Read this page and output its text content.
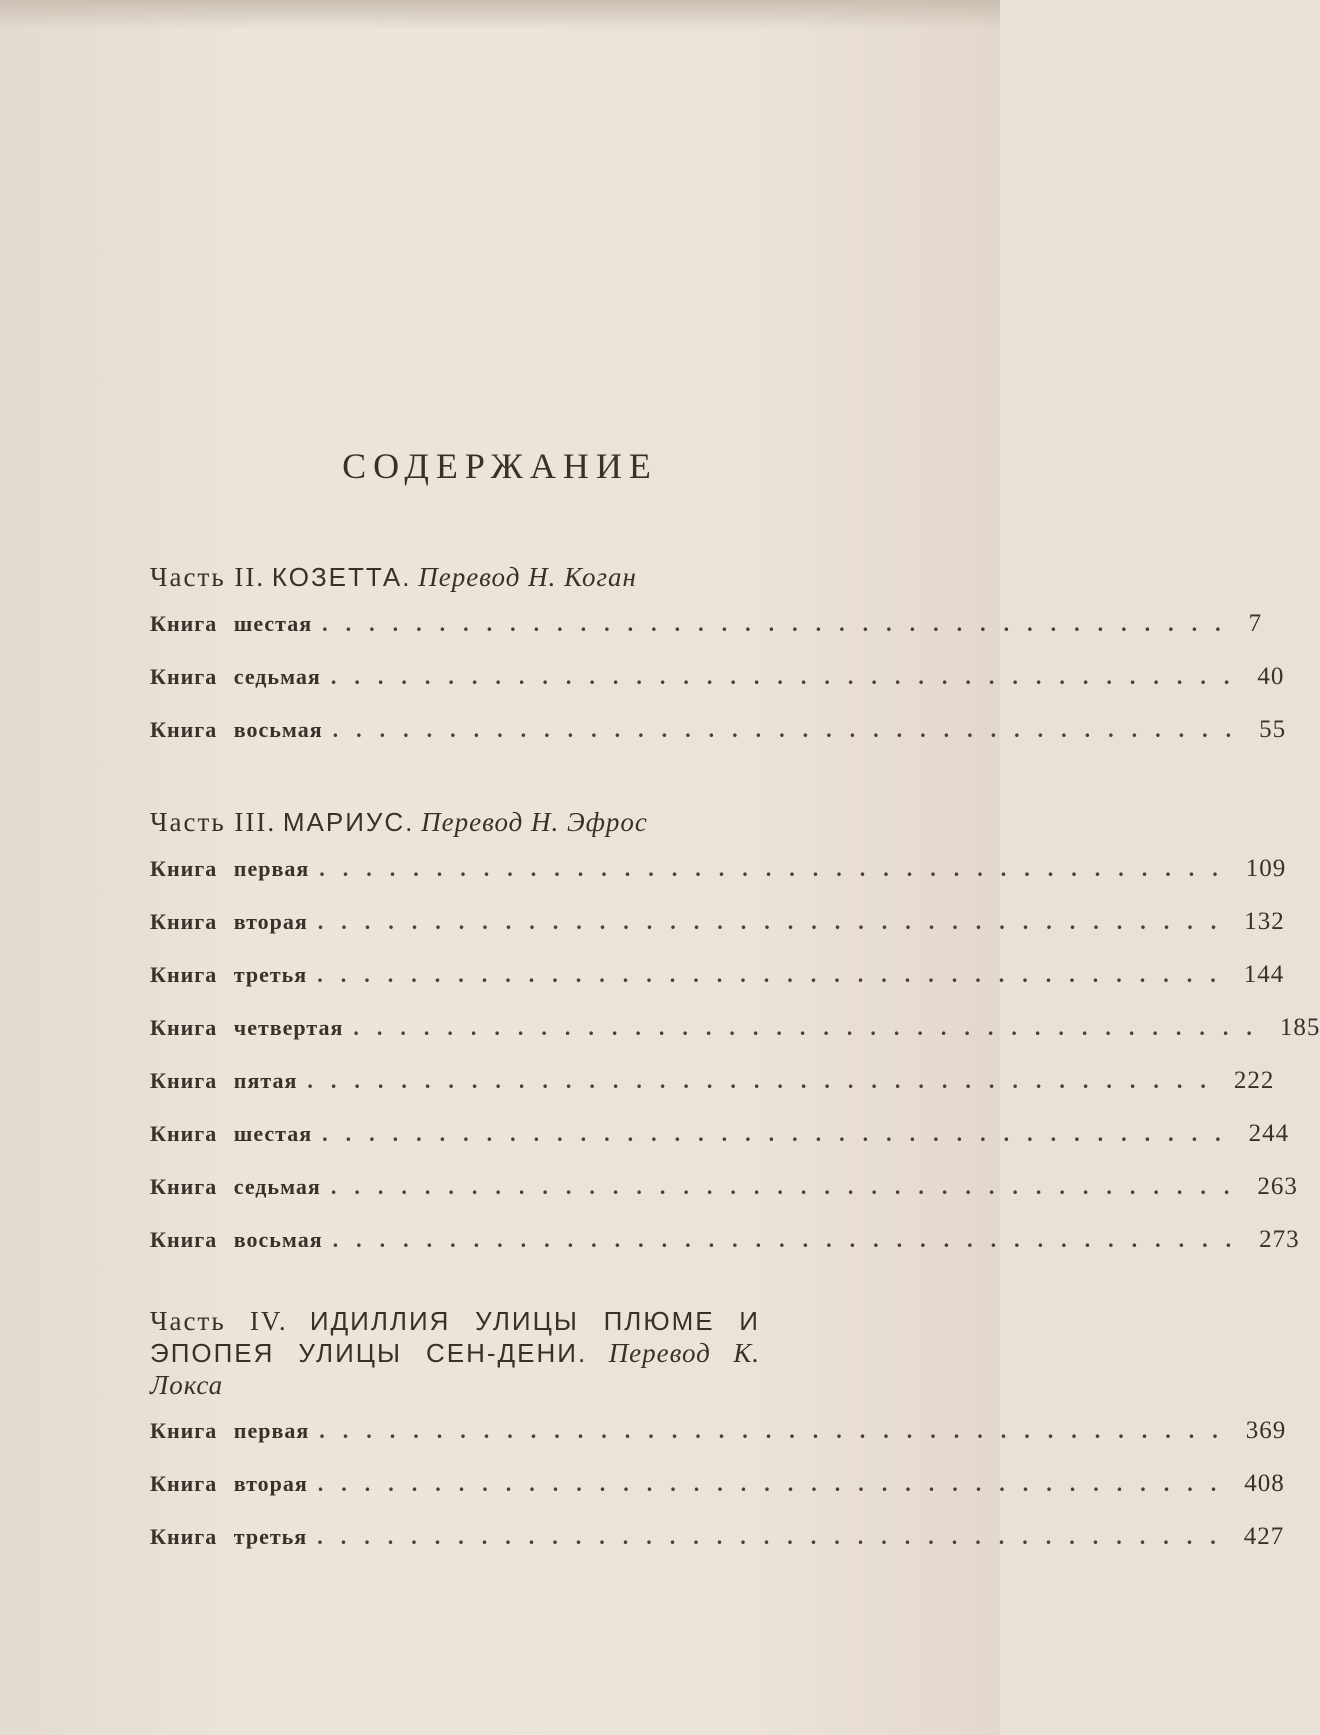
СОДЕРЖАНИЕ
Часть II. КОЗЕТТА. Перевод Н. Коган
Книга шестая ....................................... 7
Книга седьмая ....................................... 40
Книга восьмая ....................................... 55
Часть III. МАРИУС. Перевод Н. Эфрос
Книга первая ....................................... 109
Книга вторая ....................................... 132
Книга третья ....................................... 144
Книга четвертая ....................................... 185
Книга пятая ....................................... 222
Книга шестая ....................................... 244
Книга седьмая ....................................... 263
Книга восьмая ....................................... 273
Часть IV. ИДИЛЛИЯ УЛИЦЫ ПЛЮМЕ И ЭПОПЕЯ УЛИЦЫ СЕН-ДЕНИ. Перевод К. Локса
Книга первая ....................................... 369
Книга вторая ....................................... 408
Книга третья ....................................... 427
